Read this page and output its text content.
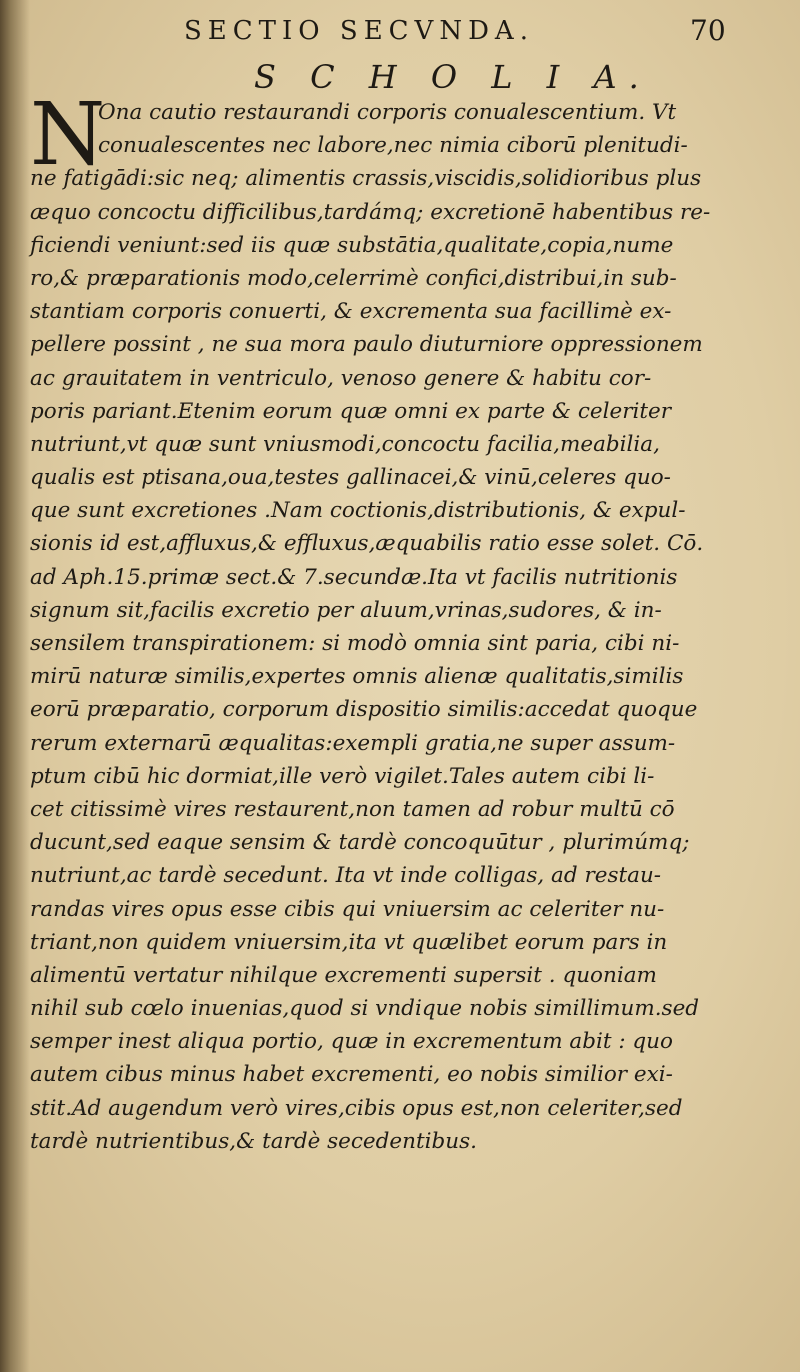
SECTIO SECVNDA.	70
S C H O L I A.
N
Ona cautio restaurandi corporis conualescentium. Vt
conualescentes nec labore,nec nimia ciborū plenitudi-
ne fatigādi:sic neq; alimentis crassis,viscidis,solidioribus plus
æquo concoctu difficilibus,tardámq; excretionē habentibus re-
ficiendi veniunt:sed iis quæ substātia,qualitate,copia,nume
ro,& præparationis modo,celerrimè confici,distribui,in sub-
stantiam corporis conuerti, & excrementa sua facillimè ex-
pellere possint , ne sua mora paulo diuturniore oppressionem
ac grauitatem in ventriculo, venoso genere & habitu cor-
poris pariant.Etenim eorum quæ omni ex parte & celeriter
nutriunt,vt quæ sunt vniusmodi,concoctu facilia,meabilia,
qualis est ptisana,oua,testes gallinacei,& vinū,celeres quo-
que sunt excretiones .Nam coctionis,distributionis, & expul-
sionis id est,affluxus,& effluxus,æquabilis ratio esse solet. Cō.
ad Aph.15.primæ sect.& 7.secundæ.Ita vt facilis nutritionis
signum sit,facilis excretio per aluum,vrinas,sudores, & in-
sensilem transpirationem: si modò omnia sint paria, cibi ni-
mirū naturæ similis,expertes omnis alienæ qualitatis,similis
eorū præparatio, corporum dispositio similis:accedat quoque
rerum externarū æqualitas:exempli gratia,ne super assum-
ptum cibū hic dormiat,ille verò vigilet.Tales autem cibi li-
cet citissimè vires restaurent,non tamen ad robur multū cō
ducunt,sed eaque sensim & tardè concoquūtur , plurimúmq;
nutriunt,ac tardè secedunt. Ita vt inde colligas, ad restau-
randas vires opus esse cibis qui vniuersim ac celeriter nu-
triant,non quidem vniuersim,ita vt quælibet eorum pars in
alimentū vertatur nihilque excrementi supersit . quoniam
nihil sub cœlo inuenias,quod si vndique nobis simillimum.sed
semper inest aliqua portio, quæ in excrementum abit : quo
autem cibus minus habet excrementi, eo nobis similior exi-
stit.Ad augendum verò vires,cibis opus est,non celeriter,sed
tardè nutrientibus,& tardè secedentibus.
